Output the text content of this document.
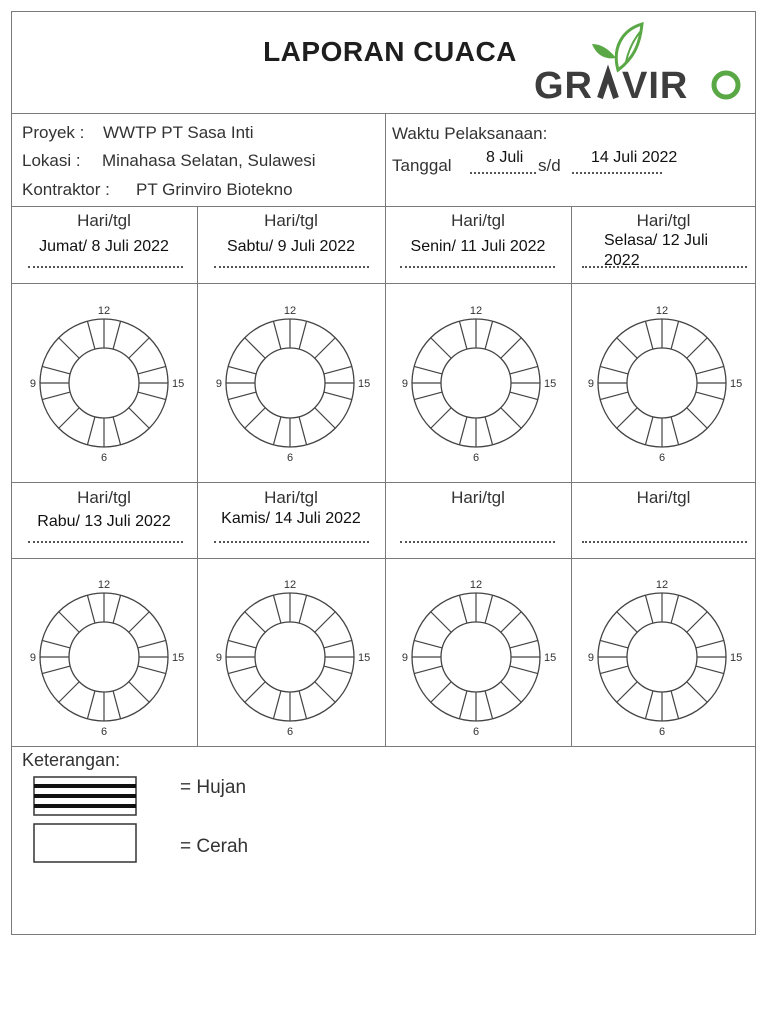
LAPORAN CUACA
GR VIR
Proyek : WWTP PT Sasa Inti
Lokasi : Minahasa Selatan, Sulawesi
Kontraktor : PT Grinviro Biotekno
Waktu Pelaksanaan:
Tanggal	s/d
8 Juli	14 Juli 2022
Hari/tgl	Hari/tgl	Hari/tgl	Hari/tgl
Jumat/ 8 Juli 2022	Sabtu/ 9 Juli 2022	Senin/ 11 Juli 2022	Selasa/ 12 Juli 2022
Hari/tgl	Hari/tgl	Hari/tgl	Hari/tgl
Rabu/ 13 Juli 2022	Kamis/ 14 Juli 2022
12
15
6
9
12
15
6
9
12
15
6
9
12
15
6
9
12
15
6
9
12
15
6
9
12
15
6
9
12
15
6
9
Keterangan:
= Hujan
= Cerah
